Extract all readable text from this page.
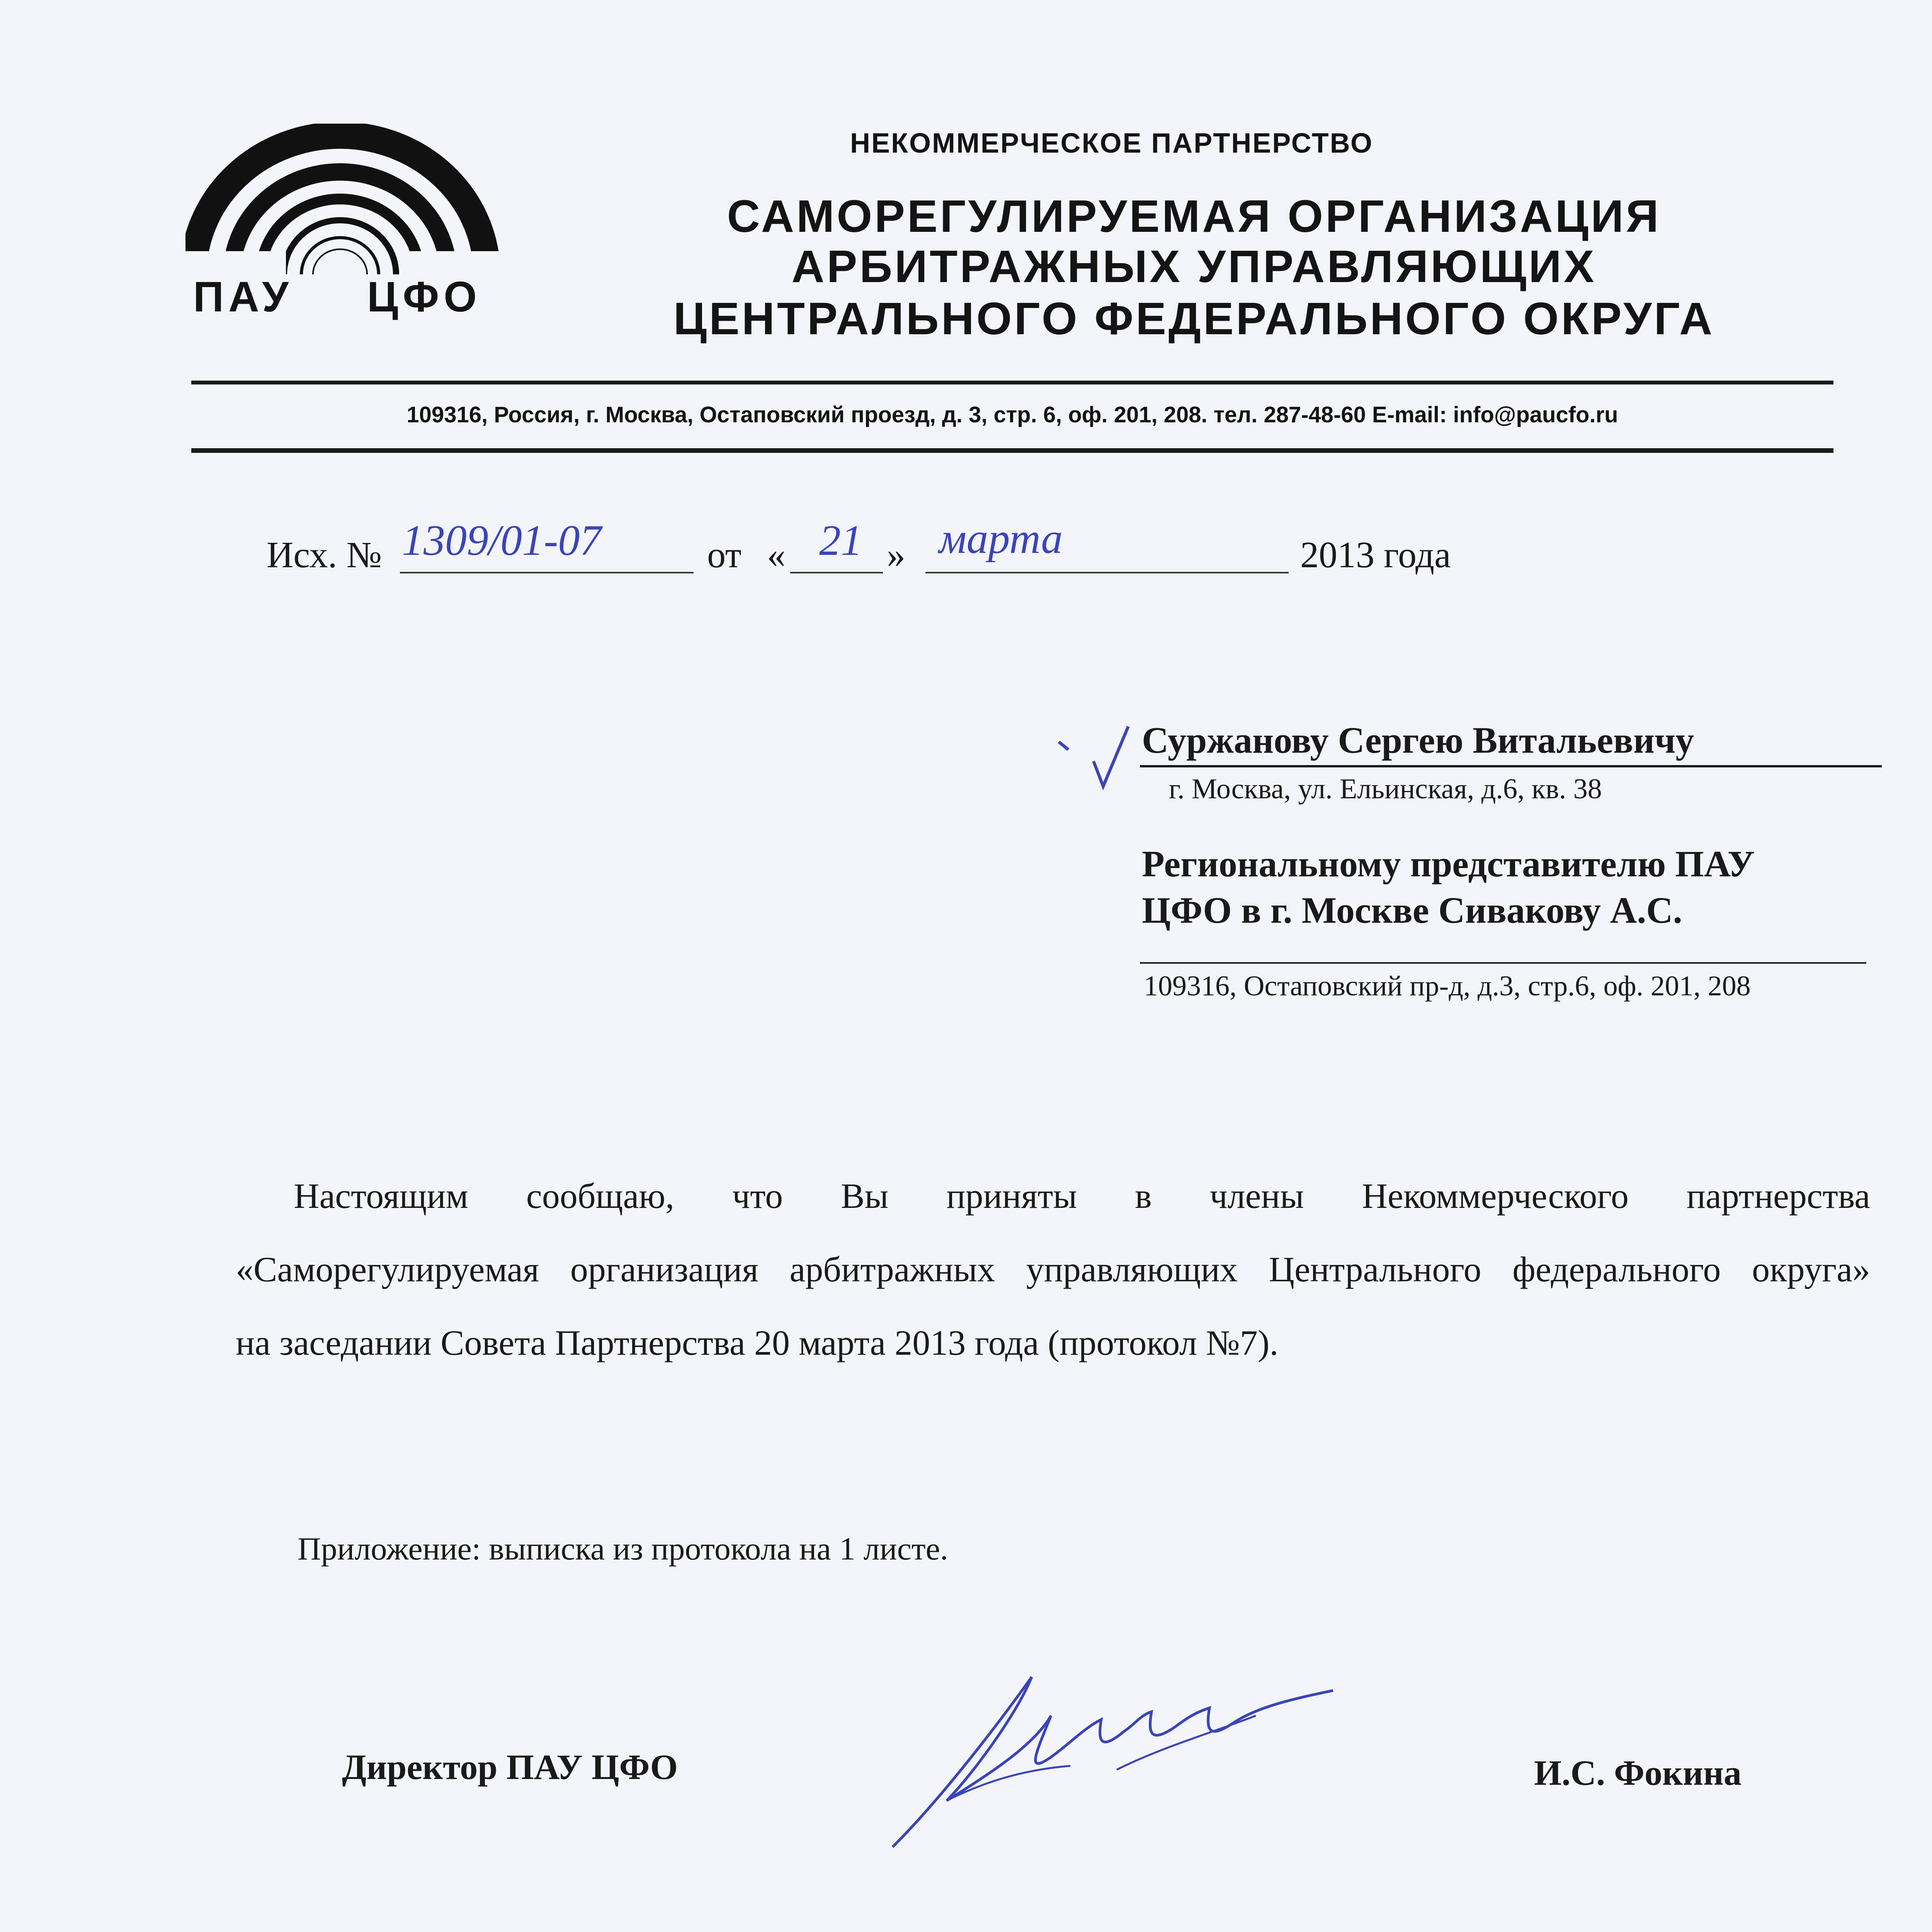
ПАУ ЦФО
НЕКОММЕРЧЕСКОЕ ПАРТНЕРСТВО
САМОРЕГУЛИРУЕМАЯ ОРГАНИЗАЦИЯ
АРБИТРАЖНЫХ УПРАВЛЯЮЩИХ
ЦЕНТРАЛЬНОГО ФЕДЕРАЛЬНОГО ОКРУГА
109316, Россия, г. Москва, Остаповский проезд, д. 3, стр. 6, оф. 201, 208. тел. 287-48-60 E-mail: info@paucfo.ru
Исх. № 1309/01-07	от « 21 » марта	2013 года
Суржанову Сергею Витальевичу
г. Москва, ул. Ельинская, д.6, кв. 38
Региональному представителю ПАУ
ЦФО в г. Москве Сивакову А.С.
109316, Остаповский пр-д, д.3, стр.6, оф. 201, 208
Настоящим сообщаю, что Вы приняты в члены Некоммерческого партнерства
«Саморегулируемая организация арбитражных управляющих Центрального федерального округа»
на заседании Совета Партнерства 20 марта 2013 года (протокол №7).
Приложение: выписка из протокола на 1 листе.
Директор ПАУ ЦФО	И.С. Фокина
